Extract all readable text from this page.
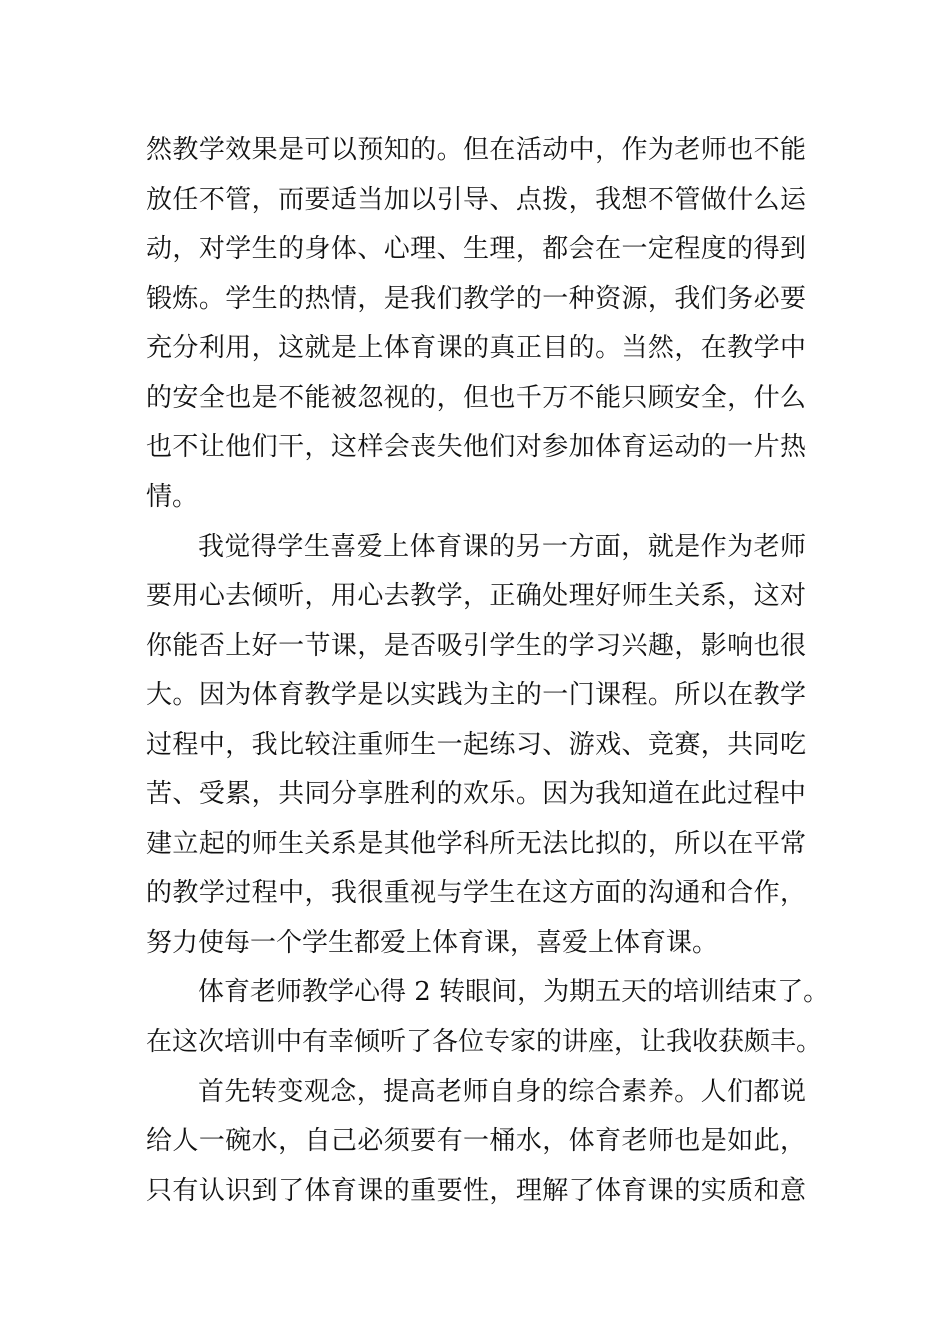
然教学效果是可以预知的。但在活动中，作为老师也不能
放任不管，而要适当加以引导、点拨，我想不管做什么运
动，对学生的身体、心理、生理，都会在一定程度的得到
锻炼。学生的热情，是我们教学的一种资源，我们务必要
充分利用，这就是上体育课的真正目的。当然，在教学中
的安全也是不能被忽视的，但也千万不能只顾安全，什么
也不让他们干，这样会丧失他们对参加体育运动的一片热
情。
我觉得学生喜爱上体育课的另一方面，就是作为老师
要用心去倾听，用心去教学，正确处理好师生关系，这对
你能否上好一节课，是否吸引学生的学习兴趣，影响也很
大。因为体育教学是以实践为主的一门课程。所以在教学
过程中，我比较注重师生一起练习、游戏、竞赛，共同吃
苦、受累，共同分享胜利的欢乐。因为我知道在此过程中
建立起的师生关系是其他学科所无法比拟的，所以在平常
的教学过程中，我很重视与学生在这方面的沟通和合作，
努力使每一个学生都爱上体育课，喜爱上体育课。
体育老师教学心得 2 转眼间，为期五天的培训结束了。
在这次培训中有幸倾听了各位专家的讲座，让我收获颇丰。
首先转变观念，提高老师自身的综合素养。人们都说
给人一碗水，自己必须要有一桶水，体育老师也是如此，
只有认识到了体育课的重要性，理解了体育课的实质和意
